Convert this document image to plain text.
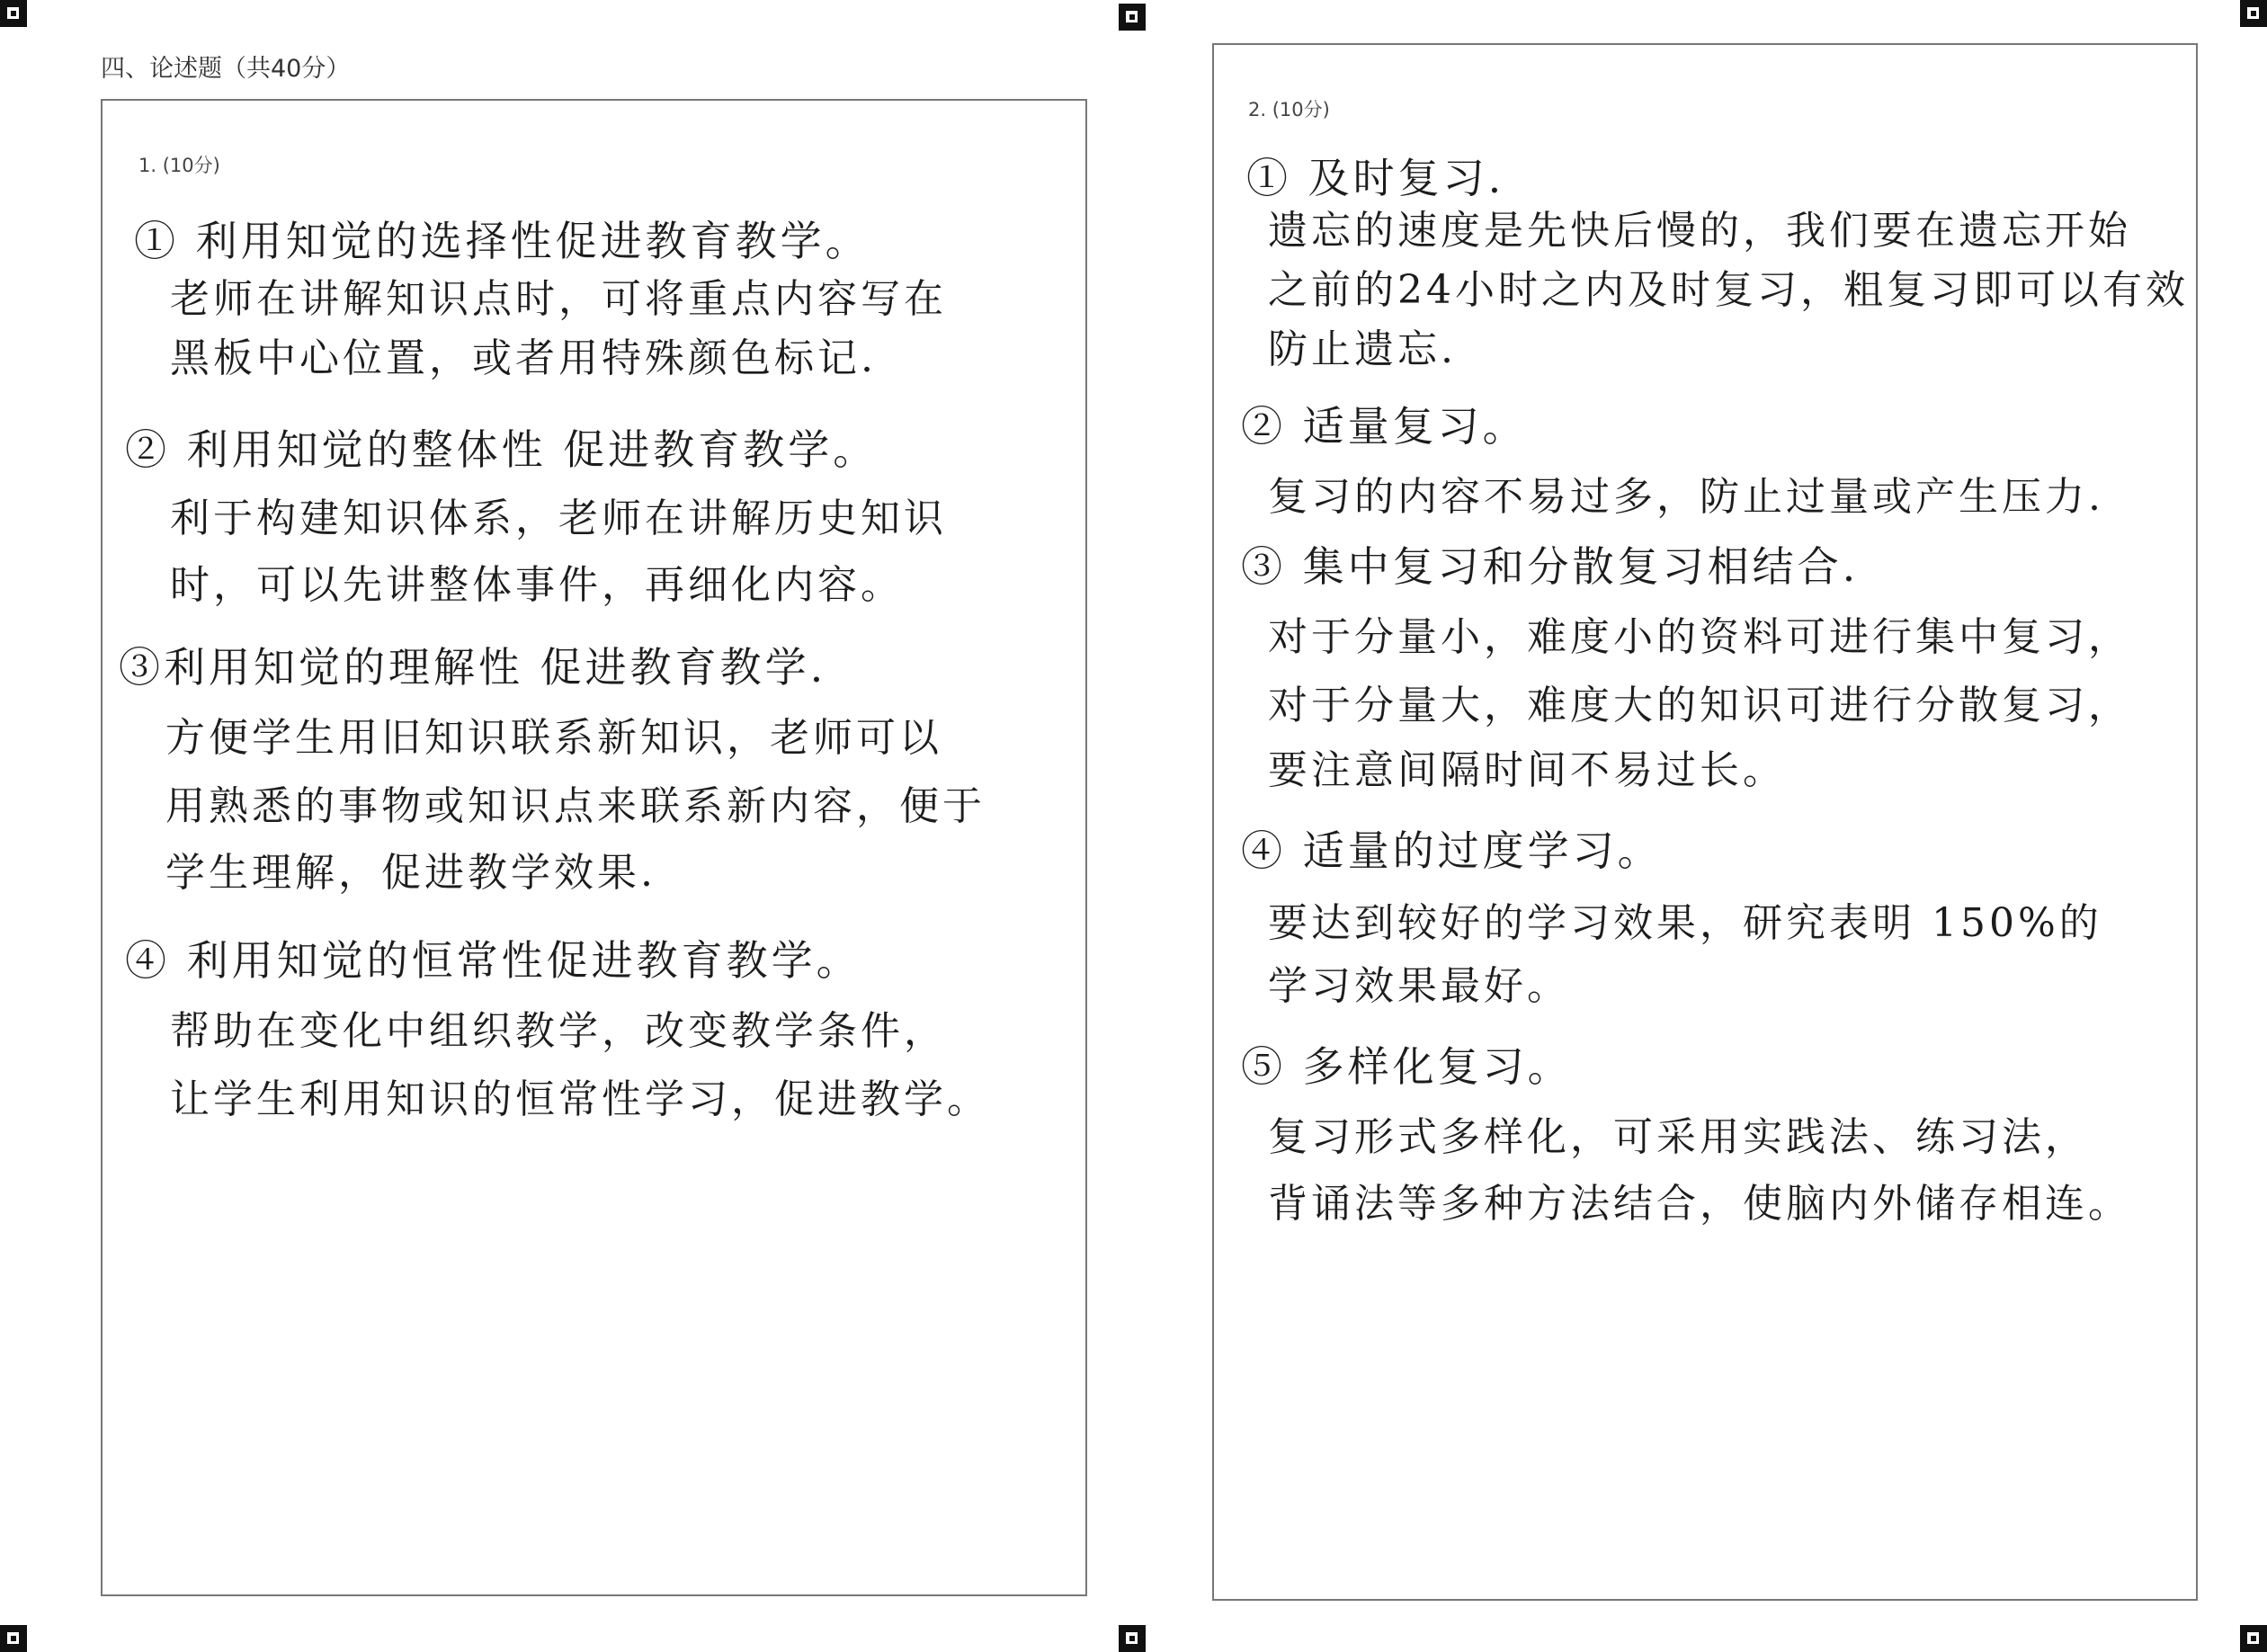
四、论述题（共40分）
1. (10分)
① 利用知觉的选择性促进教育教学。
老师在讲解知识点时，可将重点内容写在
黑板中心位置，或者用特殊颜色标记.
② 利用知觉的整体性 促进教育教学。
利于构建知识体系，老师在讲解历史知识
时，可以先讲整体事件，再细化内容。
③利用知觉的理解性 促进教育教学.
方便学生用旧知识联系新知识，老师可以
用熟悉的事物或知识点来联系新内容，便于
学生理解，促进教学效果.
④ 利用知觉的恒常性促进教育教学。
帮助在变化中组织教学，改变教学条件，
让学生利用知识的恒常性学习，促进教学。
2. (10分)
① 及时复习.
遗忘的速度是先快后慢的，我们要在遗忘开始
之前的24小时之内及时复习，粗复习即可以有效
防止遗忘.
② 适量复习。
复习的内容不易过多，防止过量或产生压力.
③ 集中复习和分散复习相结合.
对于分量小，难度小的资料可进行集中复习，
对于分量大，难度大的知识可进行分散复习，
要注意间隔时间不易过长。
④ 适量的过度学习。
要达到较好的学习效果，研究表明 150%的
学习效果最好。
⑤ 多样化复习。
复习形式多样化，可采用实践法、练习法，
背诵法等多种方法结合，使脑内外储存相连。
